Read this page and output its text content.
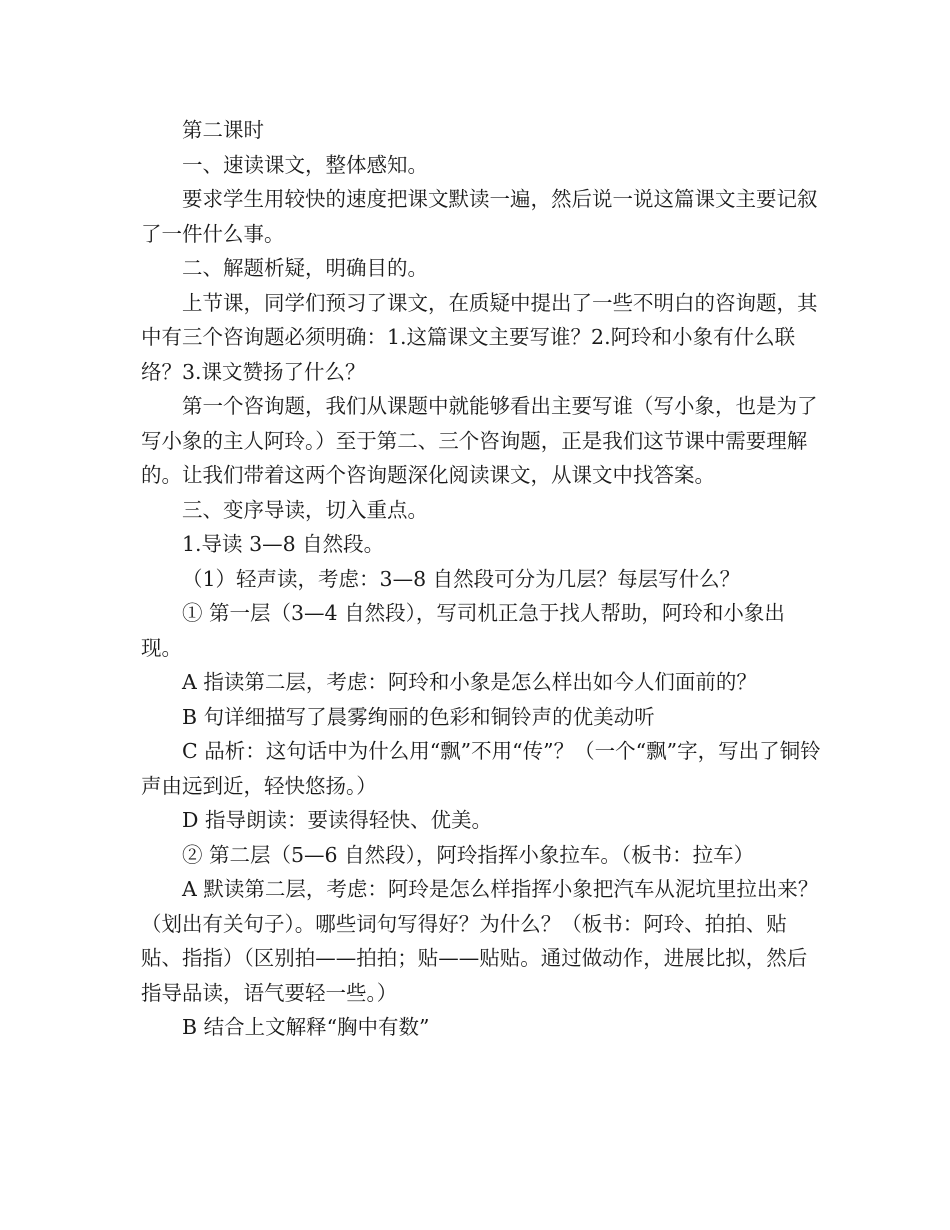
第二课时

一、速读课文，整体感知。

要求学生用较快的速度把课文默读一遍，然后说一说这篇课文主要记叙了一件什么事。

二、解题析疑，明确目的。

上节课，同学们预习了课文，在质疑中提出了一些不明白的咨询题，其中有三个咨询题必须明确：1.这篇课文主要写谁？2.阿玲和小象有什么联络？3.课文赞扬了什么？

第一个咨询题，我们从课题中就能够看出主要写谁（写小象，也是为了写小象的主人阿玲。）至于第二、三个咨询题，正是我们这节课中需要理解的。让我们带着这两个咨询题深化阅读课文，从课文中找答案。

三、变序导读，切入重点。

1.导读 3—8 自然段。

（1）轻声读，考虑：3—8 自然段可分为几层？每层写什么？

① 第一层（3—4 自然段），写司机正急于找人帮助，阿玲和小象出现。

A 指读第二层，考虑：阿玲和小象是怎么样出如今人们面前的？

B 句详细描写了晨雾绚丽的色彩和铜铃声的优美动听

C 品析：这句话中为什么用“飘”不用“传”？（一个“飘”字，写出了铜铃声由远到近，轻快悠扬。）

D 指导朗读：要读得轻快、优美。

② 第二层（5—6 自然段），阿玲指挥小象拉车。（板书：拉车）

A 默读第二层，考虑：阿玲是怎么样指挥小象把汽车从泥坑里拉出来？（划出有关句子）。哪些词句写得好？为什么？（板书：阿玲、拍拍、贴贴、指指）（区别拍——拍拍；贴——贴贴。通过做动作，进展比拟，然后指导品读，语气要轻一些。）

B 结合上文解释“胸中有数”
